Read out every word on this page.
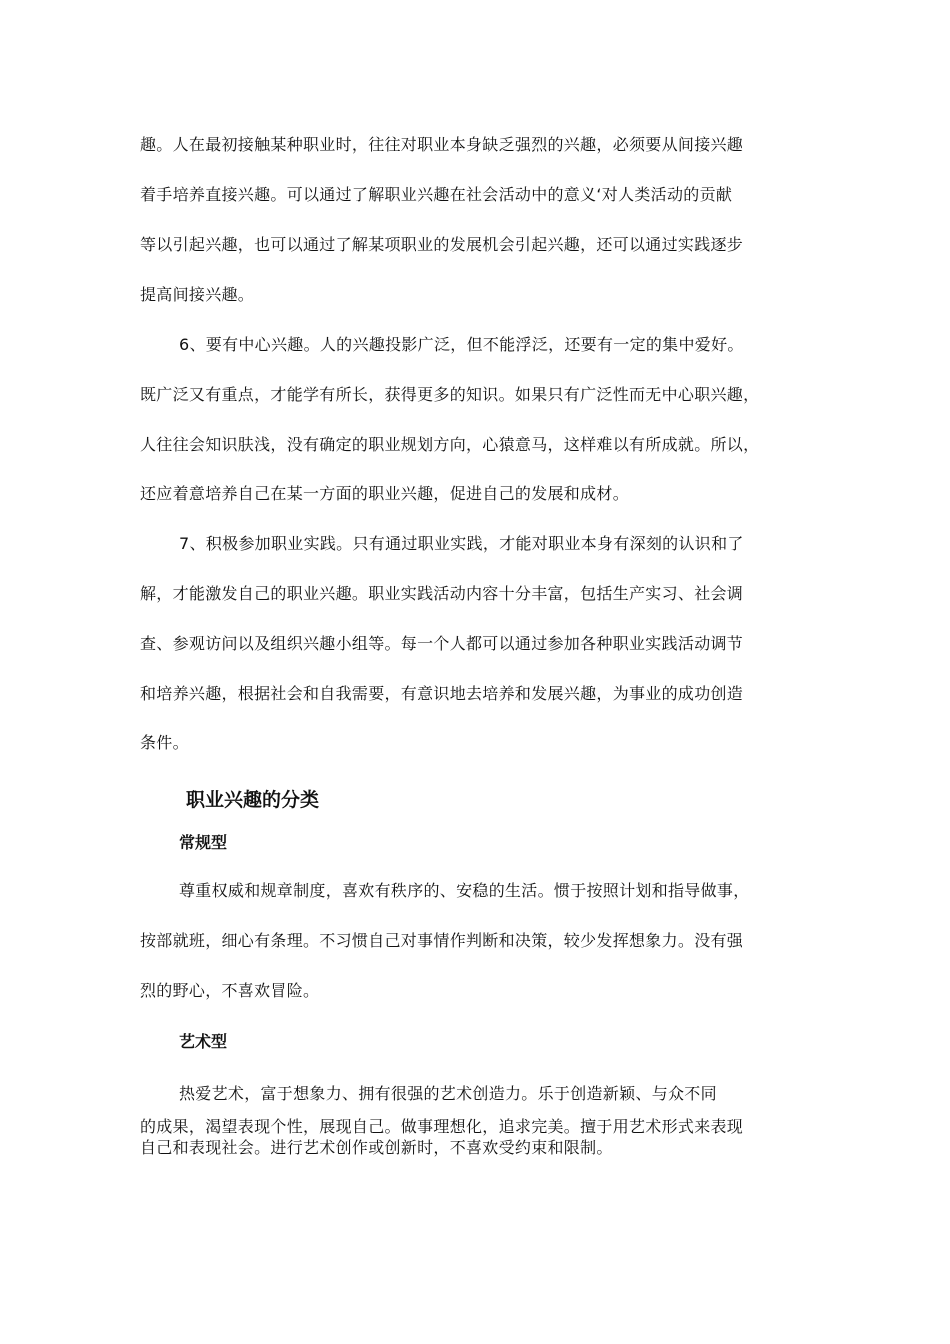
趣。人在最初接触某种职业时，往往对职业本身缺乏强烈的兴趣，必须要从间接兴趣
着手培养直接兴趣。可以通过了解职业兴趣在社会活动中的意义‘对人类活动的贡献
等以引起兴趣，也可以通过了解某项职业的发展机会引起兴趣，还可以通过实践逐步
提高间接兴趣。
6、要有中心兴趣。人的兴趣投影广泛，但不能浮泛，还要有一定的集中爱好。
既广泛又有重点，才能学有所长，获得更多的知识。如果只有广泛性而无中心职兴趣，
人往往会知识肤浅，没有确定的职业规划方向，心猿意马，这样难以有所成就。所以，
还应着意培养自己在某一方面的职业兴趣，促进自己的发展和成材。
7、积极参加职业实践。只有通过职业实践，才能对职业本身有深刻的认识和了
解，才能激发自己的职业兴趣。职业实践活动内容十分丰富，包括生产实习、社会调
查、参观访问以及组织兴趣小组等。每一个人都可以通过参加各种职业实践活动调节
和培养兴趣，根据社会和自我需要，有意识地去培养和发展兴趣，为事业的成功创造
条件。
职业兴趣的分类
常规型
尊重权威和规章制度，喜欢有秩序的、安稳的生活。惯于按照计划和指导做事，
按部就班，细心有条理。不习惯自己对事情作判断和决策，较少发挥想象力。没有强
烈的野心，不喜欢冒险。
艺术型
热爱艺术，富于想象力、拥有很强的艺术创造力。乐于创造新颖、与众不同
的成果，渴望表现个性，展现自己。做事理想化，追求完美。擅于用艺术形式来表现
自己和表现社会。进行艺术创作或创新时，不喜欢受约束和限制。
